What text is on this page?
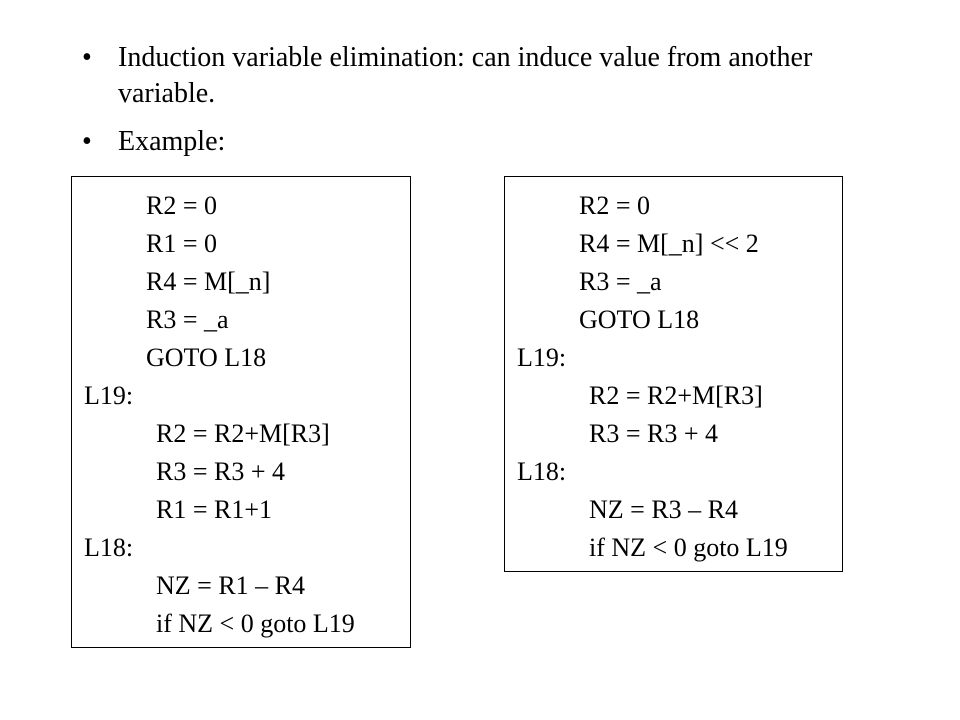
• Induction variable elimination: can induce value from another variable.
• Example:
R2 = 0
R1 = 0
R4 = M[_n]
R3 = _a
GOTO L18
L19:
R2 = R2+M[R3]
R3 = R3 + 4
R1 = R1+1
L18:
NZ = R1 – R4
if NZ < 0 goto L19
R2 = 0
R4 = M[_n] << 2
R3 = _a
GOTO L18
L19:
R2 = R2+M[R3]
R3 = R3 + 4
L18:
NZ = R3 – R4
if NZ < 0 goto L19
